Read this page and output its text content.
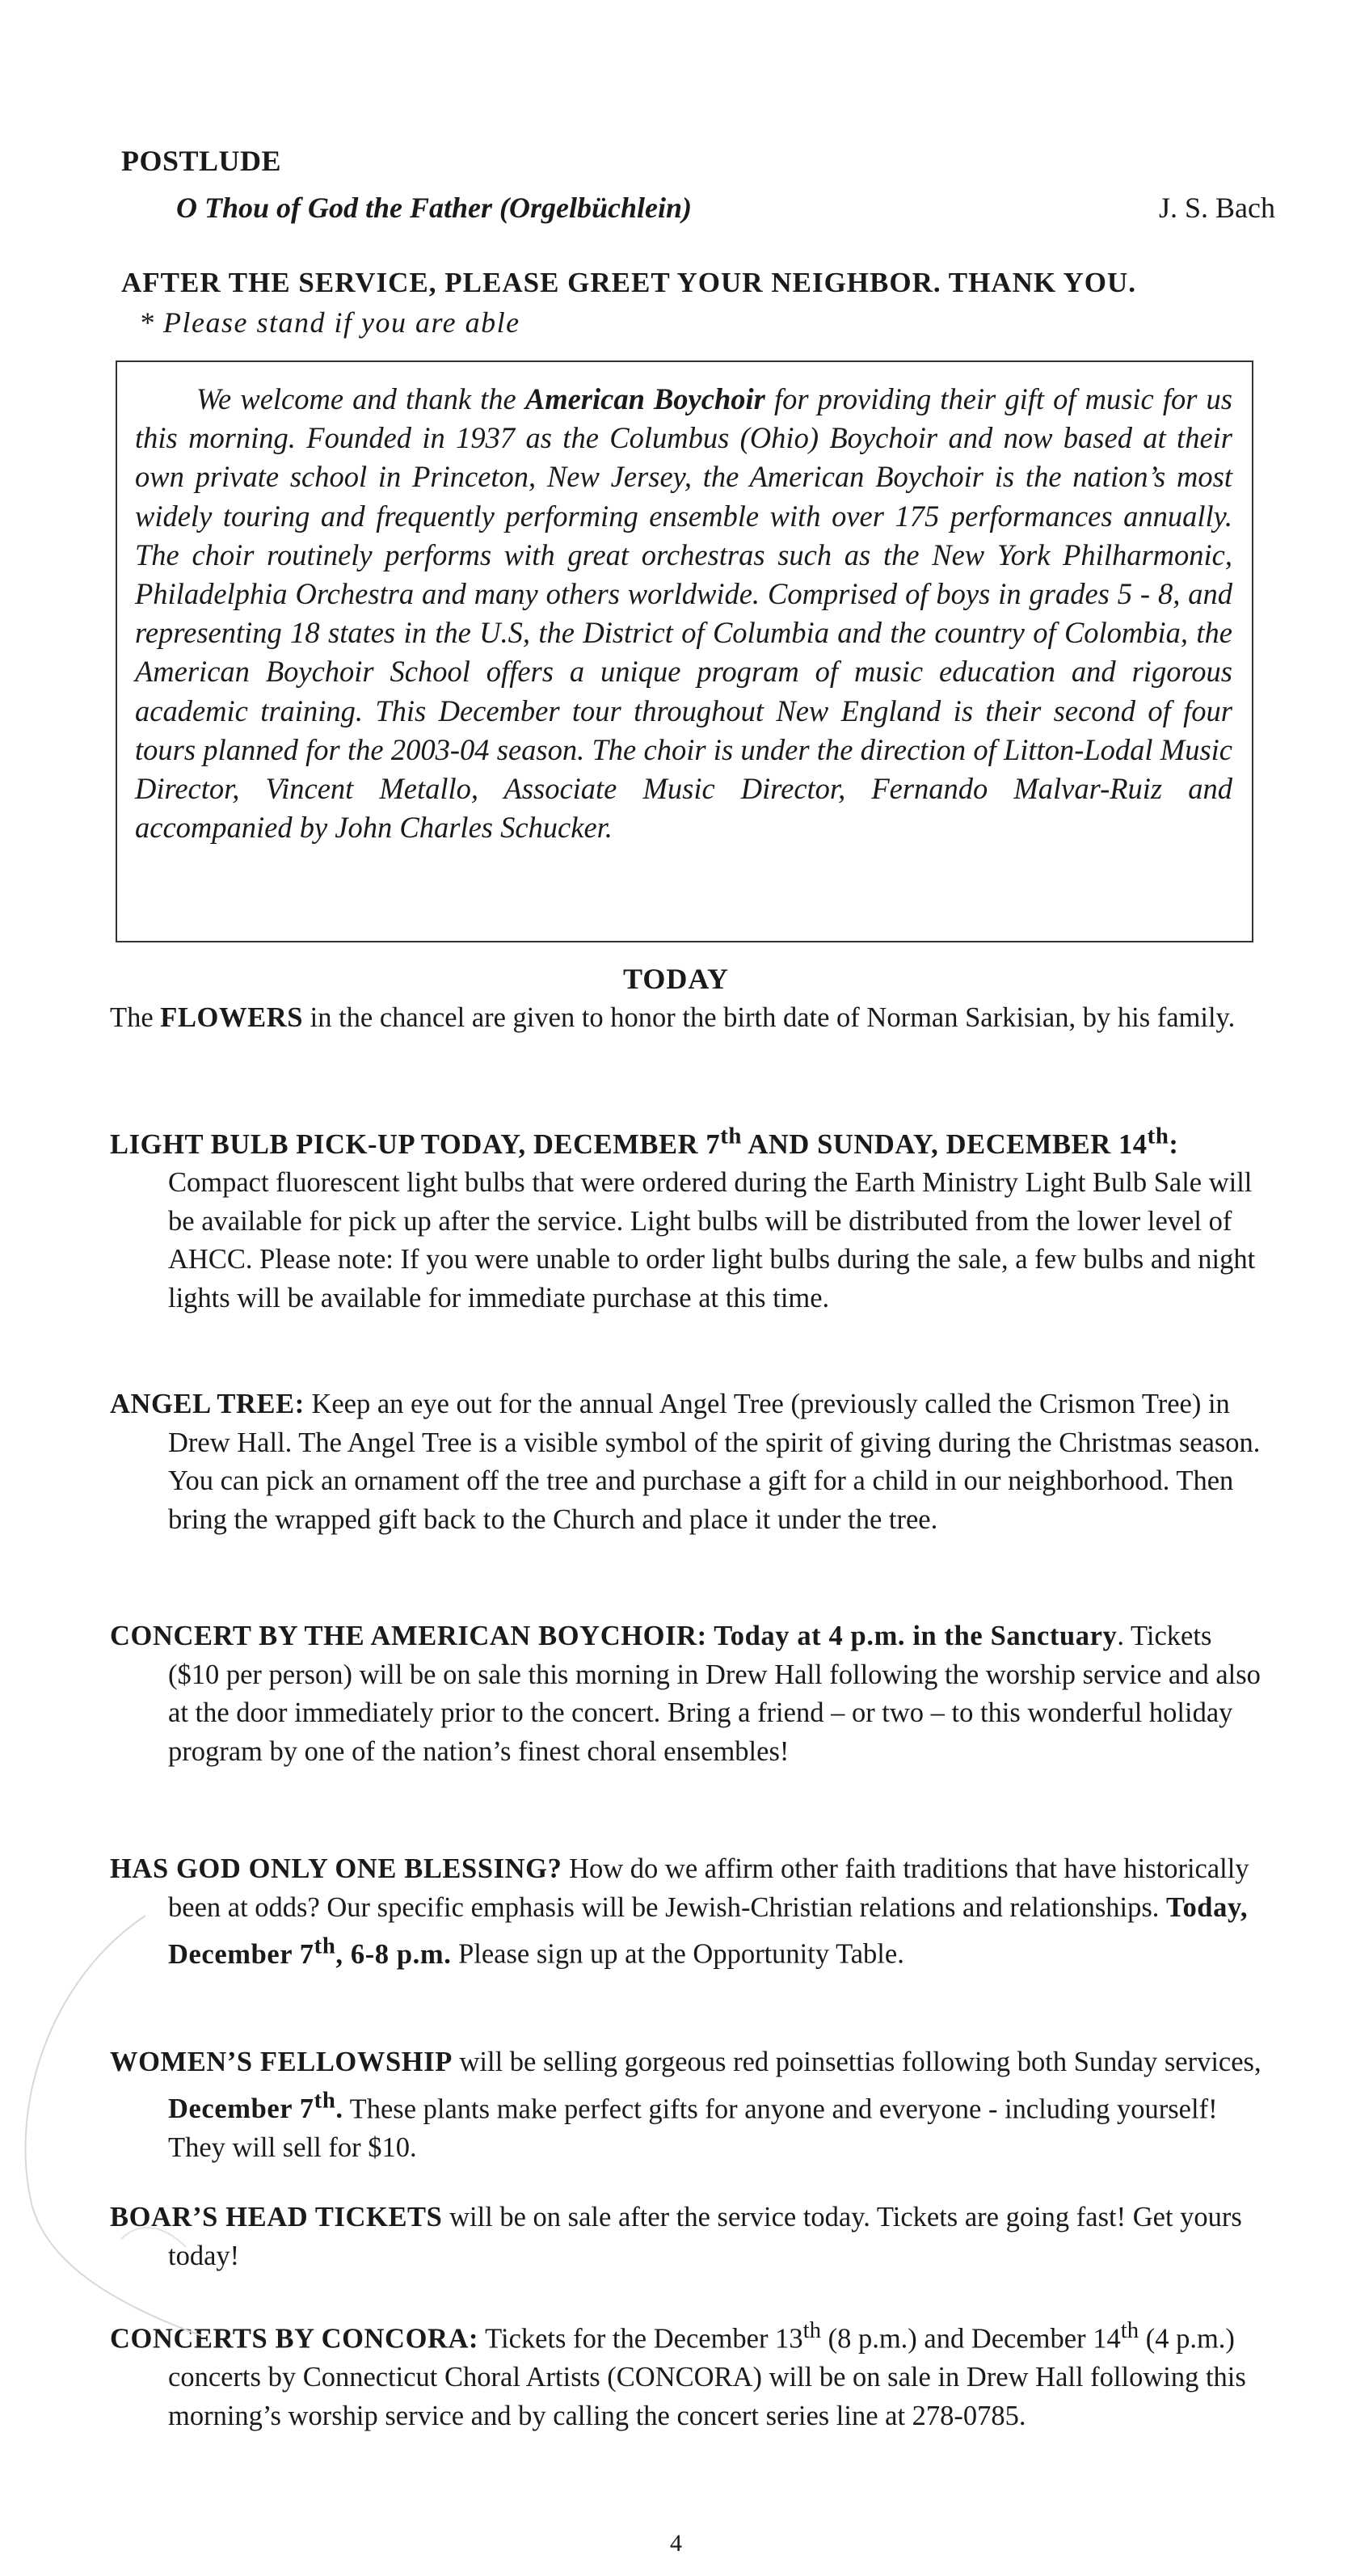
POSTLUDE
O Thou of God the Father (Orgelbüchlein)	J. S. Bach
AFTER THE SERVICE, PLEASE GREET YOUR NEIGHBOR. THANK YOU.
* Please stand if you are able

We welcome and thank the American Boychoir for providing their gift of music for us this morning. Founded in 1937 as the Columbus (Ohio) Boychoir and now based at their own private school in Princeton, New Jersey, the American Boychoir is the nation’s most widely touring and frequently performing ensemble with over 175 performances annually. The choir routinely performs with great orchestras such as the New York Philharmonic, Philadelphia Orchestra and many others worldwide. Comprised of boys in grades 5 - 8, and representing 18 states in the U.S, the District of Columbia and the country of Colombia, the American Boychoir School offers a unique program of music education and rigorous academic training. This December tour throughout New England is their second of four tours planned for the 2003-04 season. The choir is under the direction of Litton-Lodal Music Director, Vincent Metallo, Associate Music Director, Fernando Malvar-Ruiz and accompanied by John Charles Schucker.

TODAY

The FLOWERS in the chancel are given to honor the birth date of Norman Sarkisian, by his family.

LIGHT BULB PICK-UP TODAY, DECEMBER 7th AND SUNDAY, DECEMBER 14th: Compact fluorescent light bulbs that were ordered during the Earth Ministry Light Bulb Sale will be available for pick up after the service. Light bulbs will be distributed from the lower level of AHCC. Please note: If you were unable to order light bulbs during the sale, a few bulbs and night lights will be available for immediate purchase at this time.

ANGEL TREE: Keep an eye out for the annual Angel Tree (previously called the Crismon Tree) in Drew Hall. The Angel Tree is a visible symbol of the spirit of giving during the Christmas season. You can pick an ornament off the tree and purchase a gift for a child in our neighborhood. Then bring the wrapped gift back to the Church and place it under the tree.

CONCERT BY THE AMERICAN BOYCHOIR: Today at 4 p.m. in the Sanctuary. Tickets ($10 per person) will be on sale this morning in Drew Hall following the worship service and also at the door immediately prior to the concert. Bring a friend – or two – to this wonderful holiday program by one of the nation’s finest choral ensembles!

HAS GOD ONLY ONE BLESSING? How do we affirm other faith traditions that have historically been at odds? Our specific emphasis will be Jewish-Christian relations and relationships. Today, December 7th, 6-8 p.m. Please sign up at the Opportunity Table.

WOMEN’S FELLOWSHIP will be selling gorgeous red poinsettias following both Sunday services, December 7th. These plants make perfect gifts for anyone and everyone - including yourself! They will sell for $10.

BOAR’S HEAD TICKETS will be on sale after the service today. Tickets are going fast! Get yours today!

CONCERTS BY CONCORA: Tickets for the December 13th (8 p.m.) and December 14th (4 p.m.) concerts by Connecticut Choral Artists (CONCORA) will be on sale in Drew Hall following this morning’s worship service and by calling the concert series line at 278-0785.

4
